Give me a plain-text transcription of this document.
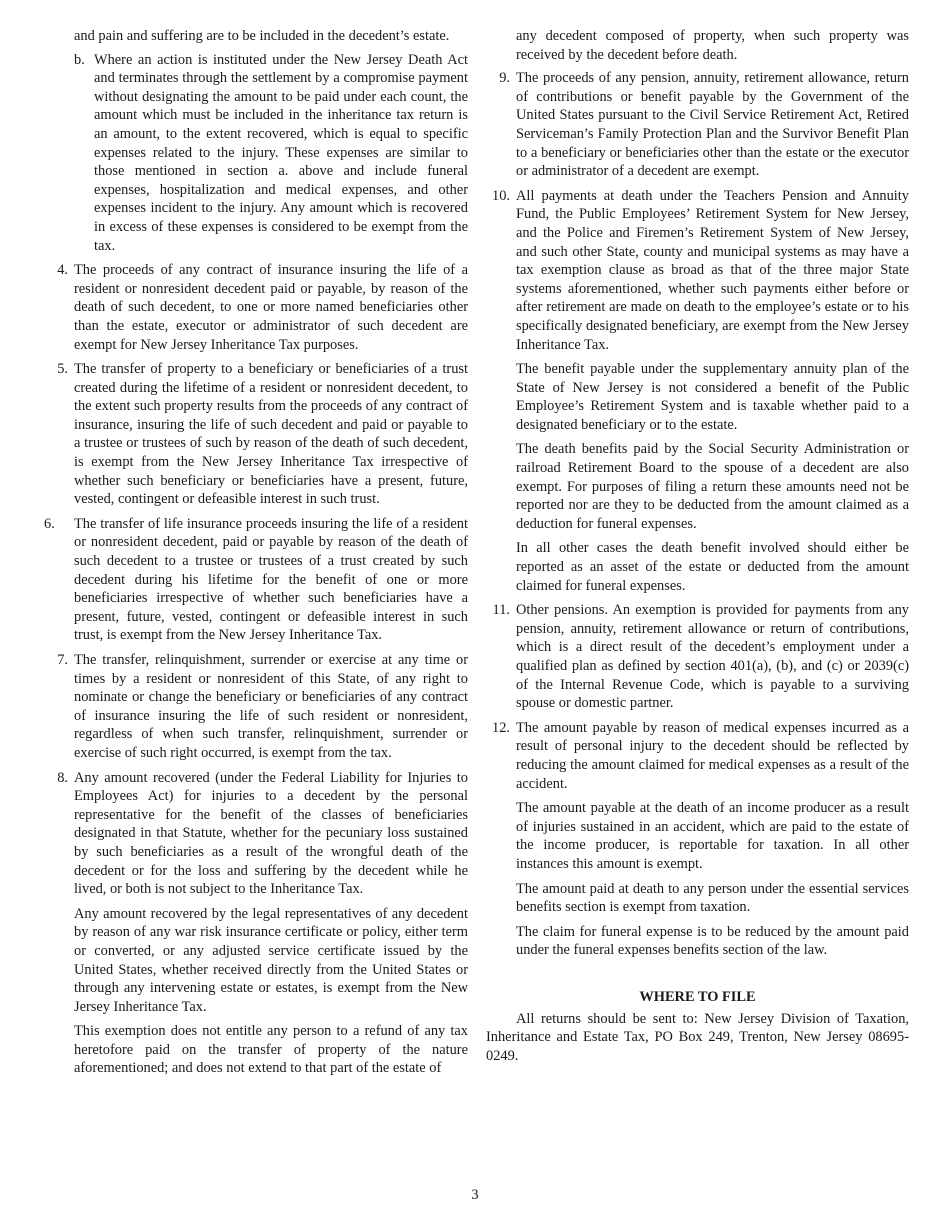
and pain and suffering are to be included in the decedent’s estate.

b. Where an action is instituted under the New Jersey Death Act and terminates through the settlement by a compromise payment without designating the amount to be paid under each count, the amount which must be included in the inheritance tax return is an amount, to the extent recovered, which is equal to specific expenses related to the injury. These expenses are similar to those mentioned in section a. above and include funeral expenses, hospitalization and medical expenses, and other expenses incident to the injury. Any amount which is recovered in excess of these expenses is considered to be exempt from the tax.

4. The proceeds of any contract of insurance insuring the life of a resident or nonresident decedent paid or payable, by reason of the death of such decedent, to one or more named beneficiaries other than the estate, executor or administrator of such decedent are exempt for New Jersey Inheritance Tax purposes.

5. The transfer of property to a beneficiary or beneficiaries of a trust created during the lifetime of a resident or nonresident decedent, to the extent such property results from the proceeds of any contract of insurance, insuring the life of such decedent and paid or payable to a trustee or trustees of such by reason of the death of such decedent, is exempt from the New Jersey Inheritance Tax irrespective of whether such beneficiary or beneficiaries have a present, future, vested, contingent or defeasible interest in such trust.

6.	The transfer of life insurance proceeds insuring the life of a resident or nonresident decedent, paid or payable by reason of the death of such decedent to a trustee or trustees of a trust created by such decedent during his lifetime for the benefit of one or more beneficiaries irrespective of whether such beneficiaries have a present, future, vested, contingent or defeasible interest in such trust, is exempt from the New Jersey Inheritance Tax.

7. The transfer, relinquishment, surrender or exercise at any time or times by a resident or nonresident of this State, of any right to nominate or change the beneficiary or beneficiaries of any contract of insurance insuring the life of such resident or nonresident, regardless of when such transfer, relinquishment, surrender or exercise of such right occurred, is exempt from the tax.

8. Any amount recovered (under the Federal Liability for Injuries to Employees Act) for injuries to a decedent by the personal representative for the benefit of the classes of beneficiaries designated in that Statute, whether for the pecuniary loss sustained by such beneficiaries as a result of the wrongful death of the decedent or for the loss and suffering by the decedent while he lived, or both is not subject to the Inheritance Tax.

Any amount recovered by the legal representatives of any decedent by reason of any war risk insurance certificate or policy, either term or converted, or any adjusted service certificate issued by the United States, whether received directly from the United States or through any intervening estate or estates, is exempt from the New Jersey Inheritance Tax.

This exemption does not entitle any person to a refund of any tax heretofore paid on the transfer of property of the nature aforementioned; and does not extend to that part of the estate of

any decedent composed of property, when such property was received by the decedent before death.

9. The proceeds of any pension, annuity, retirement allowance, return of contributions or benefit payable by the Government of the United States pursuant to the Civil Service Retirement Act, Retired Serviceman’s Family Protection Plan and the Survivor Benefit Plan to a beneficiary or beneficiaries other than the estate or the executor or administrator of a decedent are exempt.

10. All payments at death under the Teachers Pension and Annuity Fund, the Public Employees’ Retirement System for New Jersey, and the Police and Firemen’s Retirement System of New Jersey, and such other State, county and municipal systems as may have a tax exemption clause as broad as that of the three major State systems aforementioned, whether such payments either before or after retirement are made on death to the employee’s estate or to his specifically designated beneficiary, are exempt from the New Jersey Inheritance Tax.

The benefit payable under the supplementary annuity plan of the State of New Jersey is not considered a benefit of the Public Employee’s Retirement System and is taxable whether paid to a designated beneficiary or to the estate.

The death benefits paid by the Social Security Administration or railroad Retirement Board to the spouse of a decedent are also exempt. For purposes of filing a return these amounts need not be reported nor are they to be deducted from the amount claimed as a deduction for funeral expenses.

In all other cases the death benefit involved should either be reported as an asset of the estate or deducted from the amount claimed for funeral expenses.

11. Other pensions. An exemption is provided for payments from any pension, annuity, retirement allowance or return of contributions, which is a direct result of the decedent’s employment under a qualified plan as defined by section 401(a), (b), and (c) or 2039(c) of the Internal Revenue Code, which is payable to a surviving spouse or domestic partner.

12. The amount payable by reason of medical expenses incurred as a result of personal injury to the decedent should be reflected by reducing the amount claimed for medical expenses as a result of the accident.

The amount payable at the death of an income producer as a result of injuries sustained in an accident, which are paid to the estate of the income producer, is reportable for taxation. In all other instances this amount is exempt.

The amount paid at death to any person under the essential services benefits section is exempt from taxation.

The claim for funeral expense is to be reduced by the amount paid under the funeral expenses benefits section of the law.

WHERE TO FILE

All returns should be sent to: New Jersey Division of Taxation, Inheritance and Estate Tax, PO Box 249, Trenton, New Jersey 08695-0249.

3
